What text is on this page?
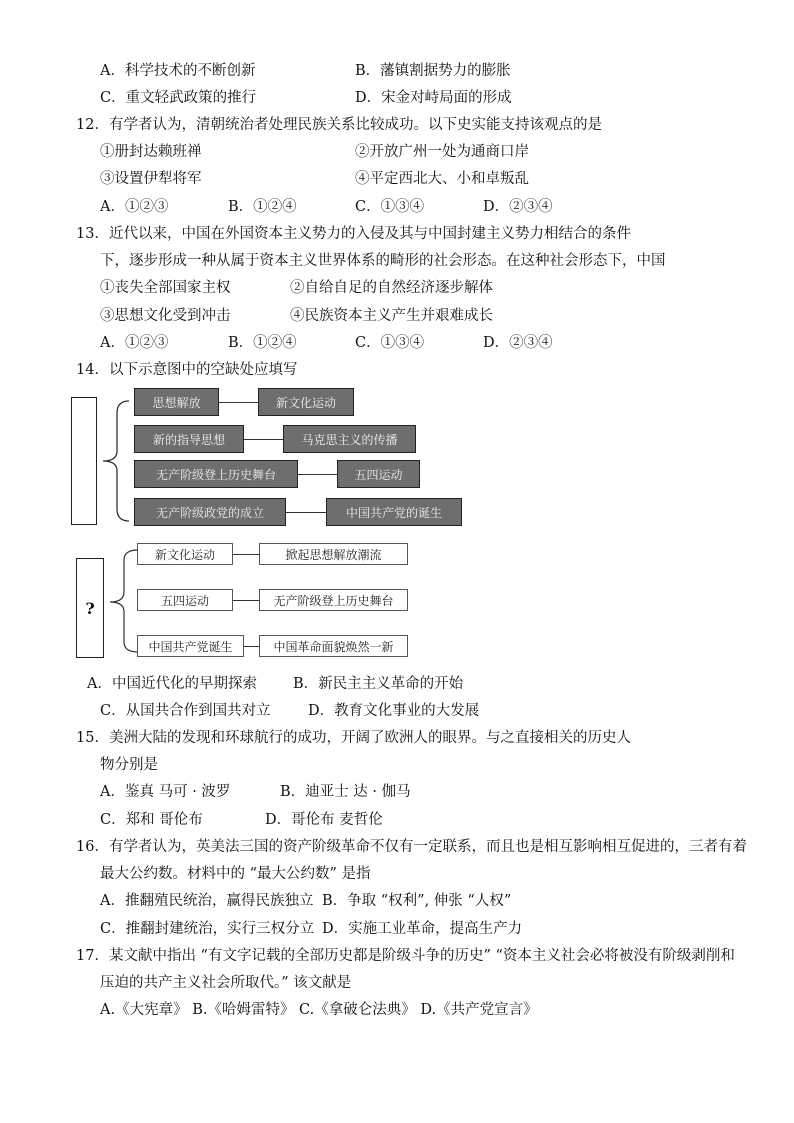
A．科学技术的不断创新	B．藩镇割据势力的膨胀
C．重文轻武政策的推行	D．宋金对峙局面的形成
12．有学者认为，清朝统治者处理民族关系比较成功。以下史实能支持该观点的是
①册封达赖班禅	②开放广州一处为通商口岸
③设置伊犁将军	④平定西北大、小和卓叛乱
A．①②③	B．①②④	C．①③④	D．②③④
13．近代以来，中国在外国资本主义势力的入侵及其与中国封建主义势力相结合的条件
下，逐步形成一种从属于资本主义世界体系的畸形的社会形态。在这种社会形态下，中国
①丧失全部国家主权	②自给自足的自然经济逐步解体
③思想文化受到冲击	④民族资本主义产生并艰难成长
A．①②③	B．①②④	C．①③④	D．②③④
14．以下示意图中的空缺处应填写
思想解放	新文化运动
新的指导思想	马克思主义的传播
无产阶级登上历史舞台	五四运动
无产阶级政党的成立	中国共产党的诞生
?
新文化运动	掀起思想解放潮流
五四运动	无产阶级登上历史舞台
中国共产党诞生	中国革命面貌焕然一新
A．中国近代化的早期探索 B．新民主主义革命的开始
C．从国共合作到国共对立	D．教育文化事业的大发展
15．美洲大陆的发现和环球航行的成功，开阔了欧洲人的眼界。与之直接相关的历史人
物分别是
A．鉴真 马可 · 波罗	B．迪亚士 达 · 伽马
C．郑和 哥伦布	D．哥伦布 麦哲伦
16．有学者认为，英美法三国的资产阶级革命不仅有一定联系，而且也是相互影响相互促进的，三者有着
最大公约数。材料中的 “最大公约数” 是指
A．推翻殖民统治，赢得民族独立 B．争取 “权利”, 伸张 “人权”
C．推翻封建统治，实行三权分立 D．实施工业革命，提高生产力
17．某文献中指出 “有文字记载的全部历史都是阶级斗争的历史” “资本主义社会必将被没有阶级剥削和
压迫的共产主义社会所取代。” 该文献是
A.《大宪章》 B.《哈姆雷特》 C.《拿破仑法典》 D.《共产党宣言》
